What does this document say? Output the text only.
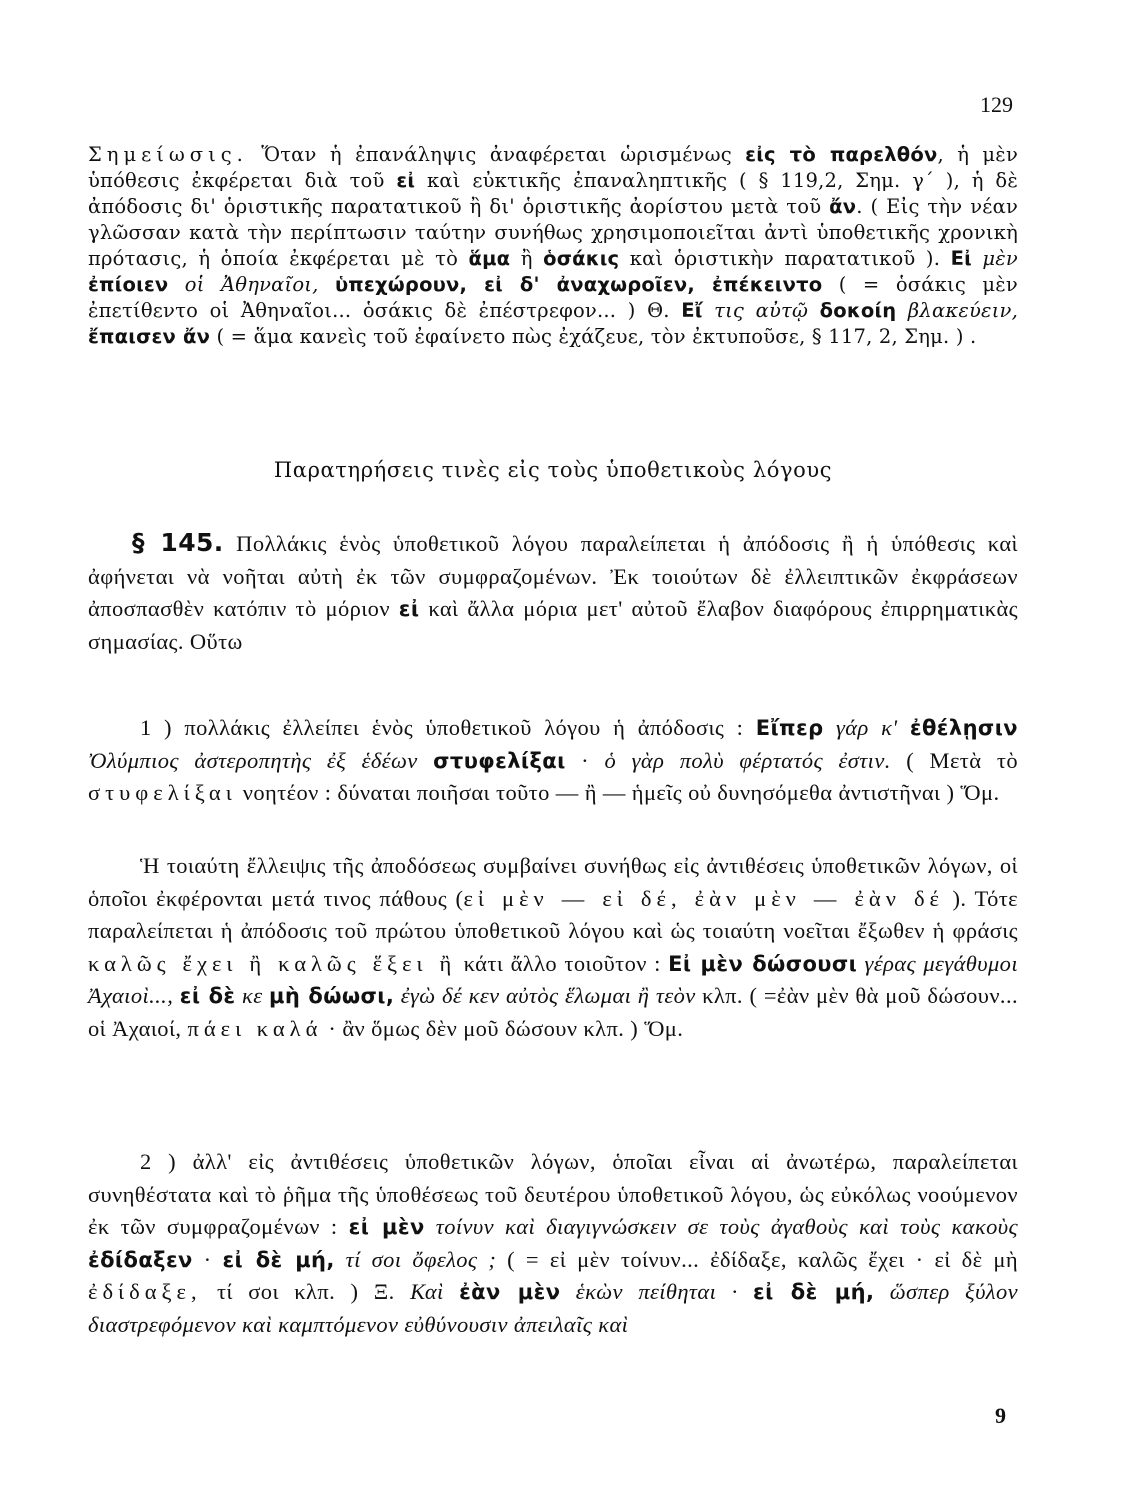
129
Σημείωσις. Ὅταν ἡ ἐπανάληψις ἀναφέρεται ὡρισμένως εἰς τὸ παρελθόν, ἡ μὲν ὑπόθεσις ἐκφέρεται διὰ τοῦ εἰ καὶ εὐκτικῆς ἐπαναληπτικῆς ( § 119,2, Σημ. γ΄ ), ἡ δὲ ἀπόδοσις δι' ὁριστικῆς παρατατικοῦ ἢ δι' ὁριστικῆς ἀορίστου μετὰ τοῦ ἄν. ( Εἰς τὴν νέαν γλῶσσαν κατὰ τὴν περίπτωσιν ταύτην συνήθως χρησιμοποιεῖται ἀντὶ ὑποθετικῆς χρονικὴ πρότασις, ἡ ὁποία ἐκφέρεται μὲ τὸ ἅμα ἢ ὁσάκις καὶ ὁριστικὴν παρατατικοῦ ). Εἰ μὲν ἐπίοιεν οἱ Ἀθηναῖοι, ὑπεχώρουν, εἰ δ' ἀναχωροῖεν, ἐπέκειντο ( = ὁσάκις μὲν ἐπετίθεντο οἱ Ἀθηναῖοι... ὁσάκις δὲ ἐπέστρεφον... ) Θ. Εἴ τις αὐτῷ δοκοίη βλακεύειν, ἔπαισεν ἄν ( = ἅμα κανεὶς τοῦ ἐφαίνετο πὼς ἐχάζευε, τὸν ἐκτυποῦσε, § 117, 2, Σημ. ) .
Παρατηρήσεις τινὲς εἰς τοὺς ὑποθετικοὺς λόγους
§ 145. Πολλάκις ἑνὸς ὑποθετικοῦ λόγου παραλείπεται ἡ ἀπόδοσις ἢ ἡ ὑπόθεσις καὶ ἀφήνεται νὰ νοῆται αὐτὴ ἐκ τῶν συμφραζομένων. Ἐκ τοιούτων δὲ ἐλλειπτικῶν ἐκφράσεων ἀποσπασθὲν κατόπιν τὸ μόριον εἰ καὶ ἄλλα μόρια μετ' αὐτοῦ ἔλαβον διαφόρους ἐπιρρηματικὰς σημασίας. Οὕτω
1 ) πολλάκις ἐλλείπει ἑνὸς ὑποθετικοῦ λόγου ἡ ἀπόδοσις : Εἴπερ γάρ κ' ἐθέλῃσιν Ὀλύμπιος ἀστεροπητὴς ἐξ ἑδέων στυφελίξαι · ὁ γὰρ πολὺ φέρτατός ἐστιν. ( Μετὰ τὸ στυφελίξαι νοητέον : δύναται ποιῆσαι τοῦτο — ἢ — ἡμεῖς οὐ δυνησόμεθα ἀντιστῆναι ) Ὅμ.
Ἡ τοιαύτη ἔλλειψις τῆς ἀποδόσεως συμβαίνει συνήθως εἰς ἀντιθέσεις ὑποθετικῶν λόγων, οἱ ὁποῖοι ἐκφέρονται μετά τινος πάθους (εἰ μὲν — εἰ δέ, ἐὰν μὲν — ἐὰν δέ ). Τότε παραλείπεται ἡ ἀπόδοσις τοῦ πρώτου ὑποθετικοῦ λόγου καὶ ὡς τοιαύτη νοεῖται ἔξωθεν ἡ φράσις καλῶς ἔχει ἢ καλῶς ἕξει ἢ κάτι ἄλλο τοιοῦτον : Εἰ μὲν δώσουσι γέρας μεγάθυμοι Ἀχαιοὶ..., εἰ δὲ κε μὴ δώωσι, ἐγὼ δέ κεν αὐτὸς ἕλωμαι ἢ τεὸν κλπ. ( =ἐὰν μὲν θὰ μοῦ δώσουν... οἱ Ἀχαιοί, πάει καλά · ἂν ὅμως δὲν μοῦ δώσουν κλπ. ) Ὅμ.
2 ) ἀλλ' εἰς ἀντιθέσεις ὑποθετικῶν λόγων, ὁποῖαι εἶναι αἱ ἀνωτέρω, παραλείπεται συνηθέστατα καὶ τὸ ῥῆμα τῆς ὑποθέσεως τοῦ δευτέρου ὑποθετικοῦ λόγου, ὡς εὐκόλως νοούμενον ἐκ τῶν συμφραζομένων : εἰ μὲν τοίνυν καὶ διαγιγνώσκειν σε τοὺς ἀγαθοὺς καὶ τοὺς κακοὺς ἐδίδαξεν · εἰ δὲ μή, τί σοι ὄφελος ; ( = εἰ μὲν τοίνυν... ἐδίδαξε, καλῶς ἔχει · εἰ δὲ μὴ ἐδίδαξε, τί σοι κλπ. ) Ξ. Καὶ ἐὰν μὲν ἑκὼν πείθηται · εἰ δὲ μή, ὥσπερ ξύλον διαστρεφόμενον καὶ καμπτόμενον εὐθύνουσιν ἀπειλαῖς καὶ
9
